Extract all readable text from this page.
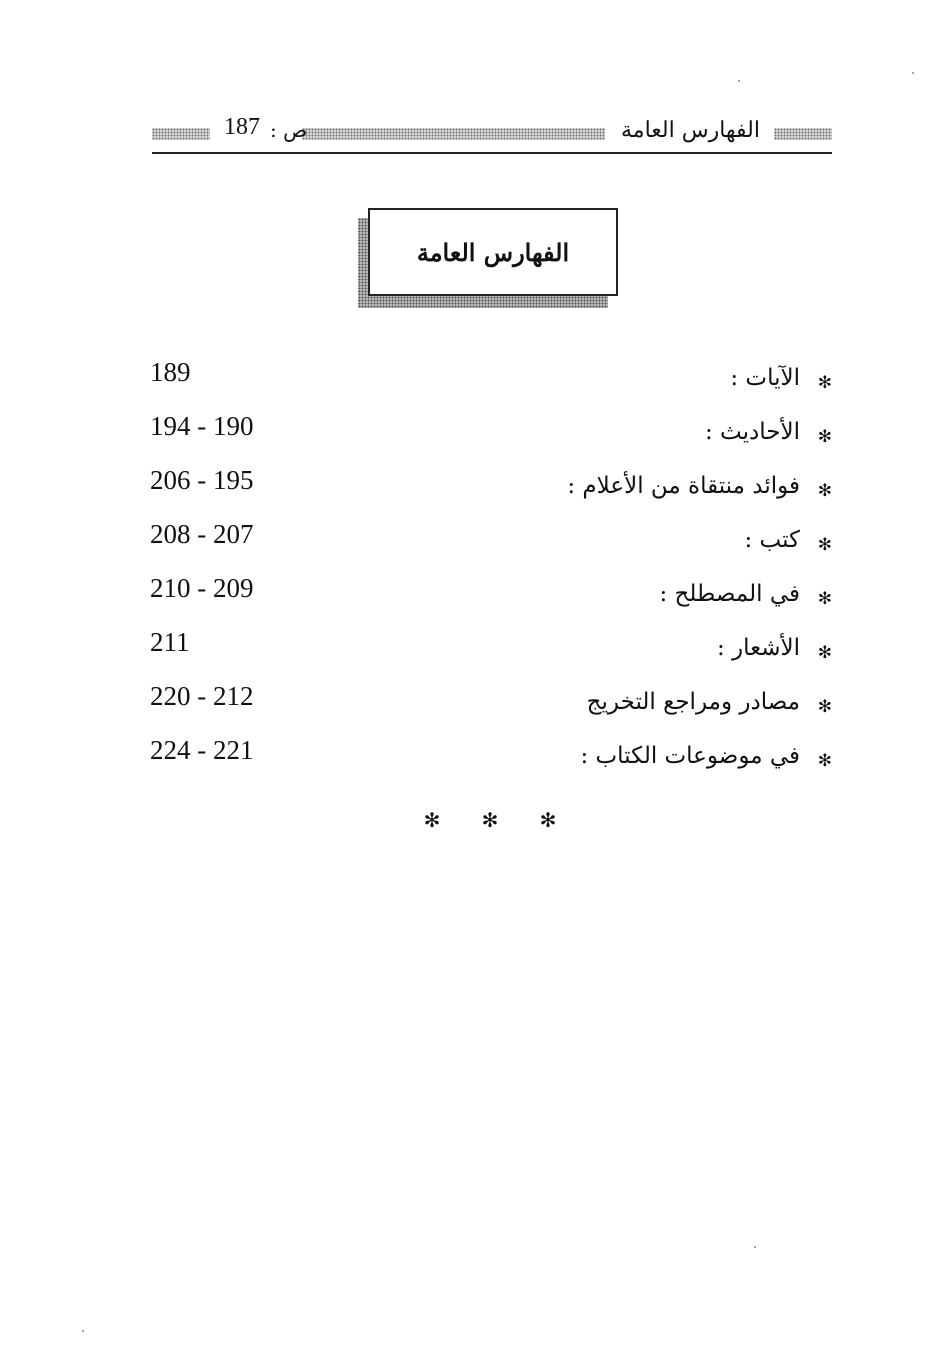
الفهارس العامة
ص :
187
الفهارس العامة
✻
الآيات :
189
✻
الأحاديث :
194 - 190
✻
فوائد منتقاة من الأعلام :
206 - 195
✻
كتب :
208 - 207
✻
في المصطلح :
210 - 209
✻
الأشعار :
211
✻
مصادر ومراجع التخريج
220 - 212
✻
في موضوعات الكتاب :
224 - 221
✻ ✻ ✻
